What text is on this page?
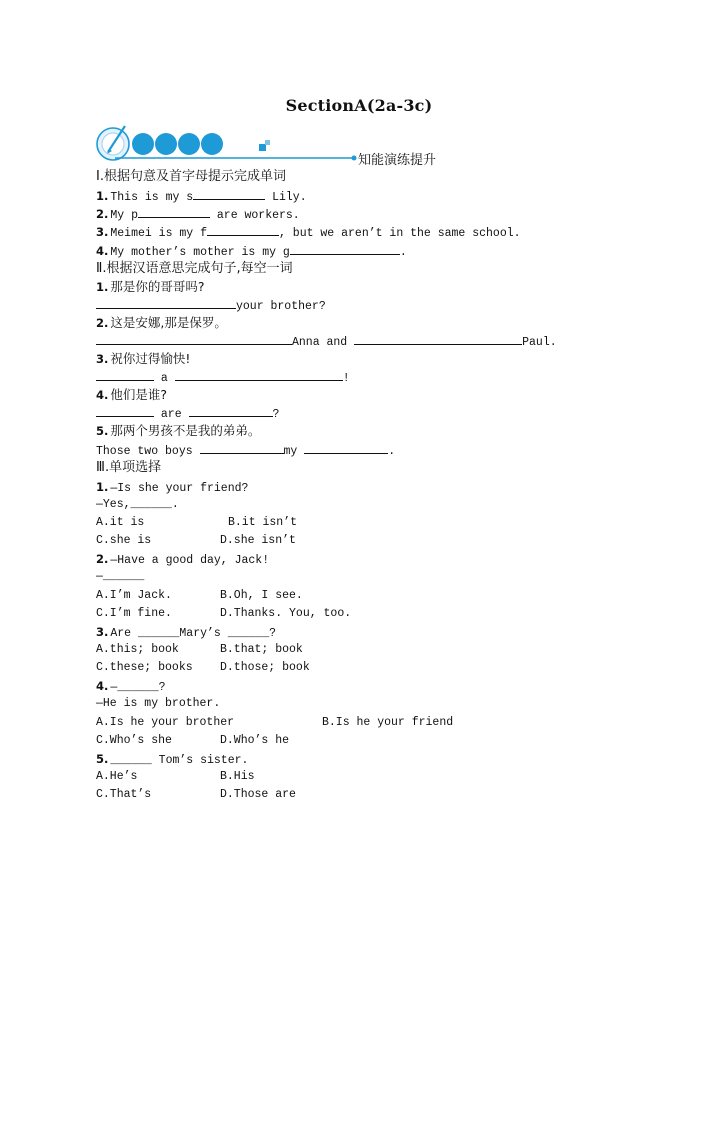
SectionA(2a-3c)
知能演练提升
Ⅰ.根据句意及首字母提示完成单词
1. This is my s	Lily.
2. My p	are workers.
3. Meimei is my f	, but we aren’t in the same school.
4. My mother’s mother is my g	.
Ⅱ.根据汉语意思完成句子,每空一词
1. 那是你的哥哥吗?
your brother?
2. 这是安娜,那是保罗。
Anna and	Paul.
3. 祝你过得愉快!
a	!
4. 他们是谁?
are	?
5. 那两个男孩不是我的弟弟。
Those two boys	my	.
Ⅲ.单项选择
1. —Is she your friend?
—Yes,______.
A.it is	B.it isn’t
C.she is	D.she isn’t
2. —Have a good day, Jack!
—______
A.I’m Jack.	B.Oh, I see.
C.I’m fine.	D.Thanks. You, too.
3. Are ______Mary’s ______?
A.this; book	B.that; book
C.these; books D.those; book
4. —______?
—He is my brother.
A.Is he your brother	B.Is he your friend
C.Who’s she	D.Who’s he
5. ______ Tom’s sister.
A.He’s	B.His
C.That’s	D.Those are
